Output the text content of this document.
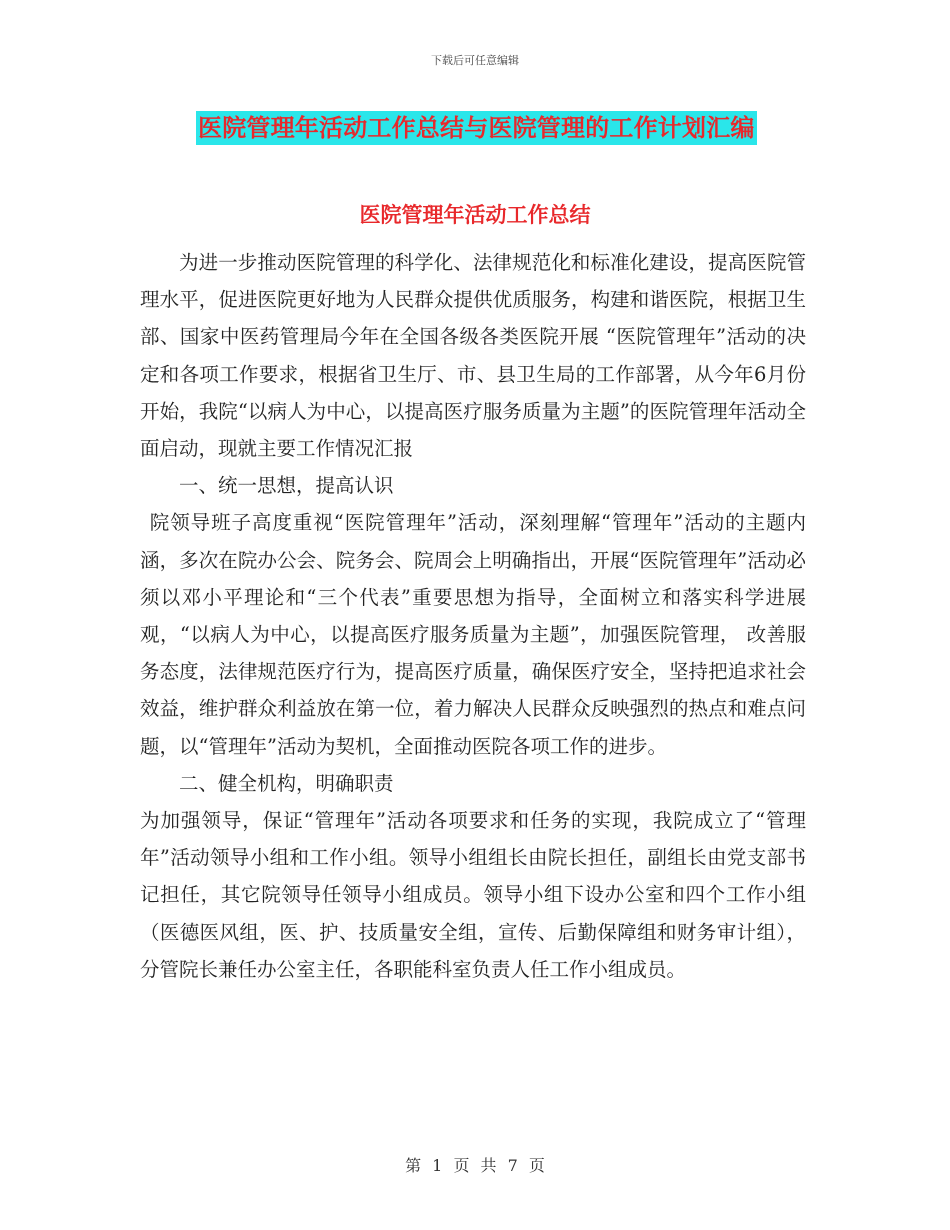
下载后可任意编辑
医院管理年活动工作总结与医院管理的工作计划汇编
医院管理年活动工作总结

为进一步推动医院管理的科学化、法律规范化和标准化建设，提高医院管理水平，促进医院更好地为人民群众提供优质服务，构建和谐医院，根据卫生部、国家中医药管理局今年在全国各级各类医院开展 “医院管理年”活动的决定和各项工作要求，根据省卫生厅、市、县卫生局的工作部署，从今年6月份开始，我院“以病人为中心，以提高医疗服务质量为主题”的医院管理年活动全面启动，现就主要工作情况汇报

一、统一思想，提高认识

院领导班子高度重视“医院管理年”活动，深刻理解“管理年”活动的主题内涵，多次在院办公会、院务会、院周会上明确指出，开展“医院管理年”活动必须以邓小平理论和“三个代表”重要思想为指导，全面树立和落实科学进展观，“以病人为中心，以提高医疗服务质量为主题”，加强医院管理， 改善服务态度，法律规范医疗行为，提高医疗质量，确保医疗安全，坚持把追求社会效益，维护群众利益放在第一位，着力解决人民群众反映强烈的热点和难点问题，以“管理年”活动为契机，全面推动医院各项工作的进步。

二、健全机构，明确职责

为加强领导，保证“管理年”活动各项要求和任务的实现，我院成立了“管理年”活动领导小组和工作小组。领导小组组长由院长担任，副组长由党支部书记担任，其它院领导任领导小组成员。领导小组下设办公室和四个工作小组（医德医风组，医、护、技质量安全组，宣传、后勤保障组和财务审计组），分管院长兼任办公室主任，各职能科室负责人任工作小组成员。

第 1 页 共 7 页
